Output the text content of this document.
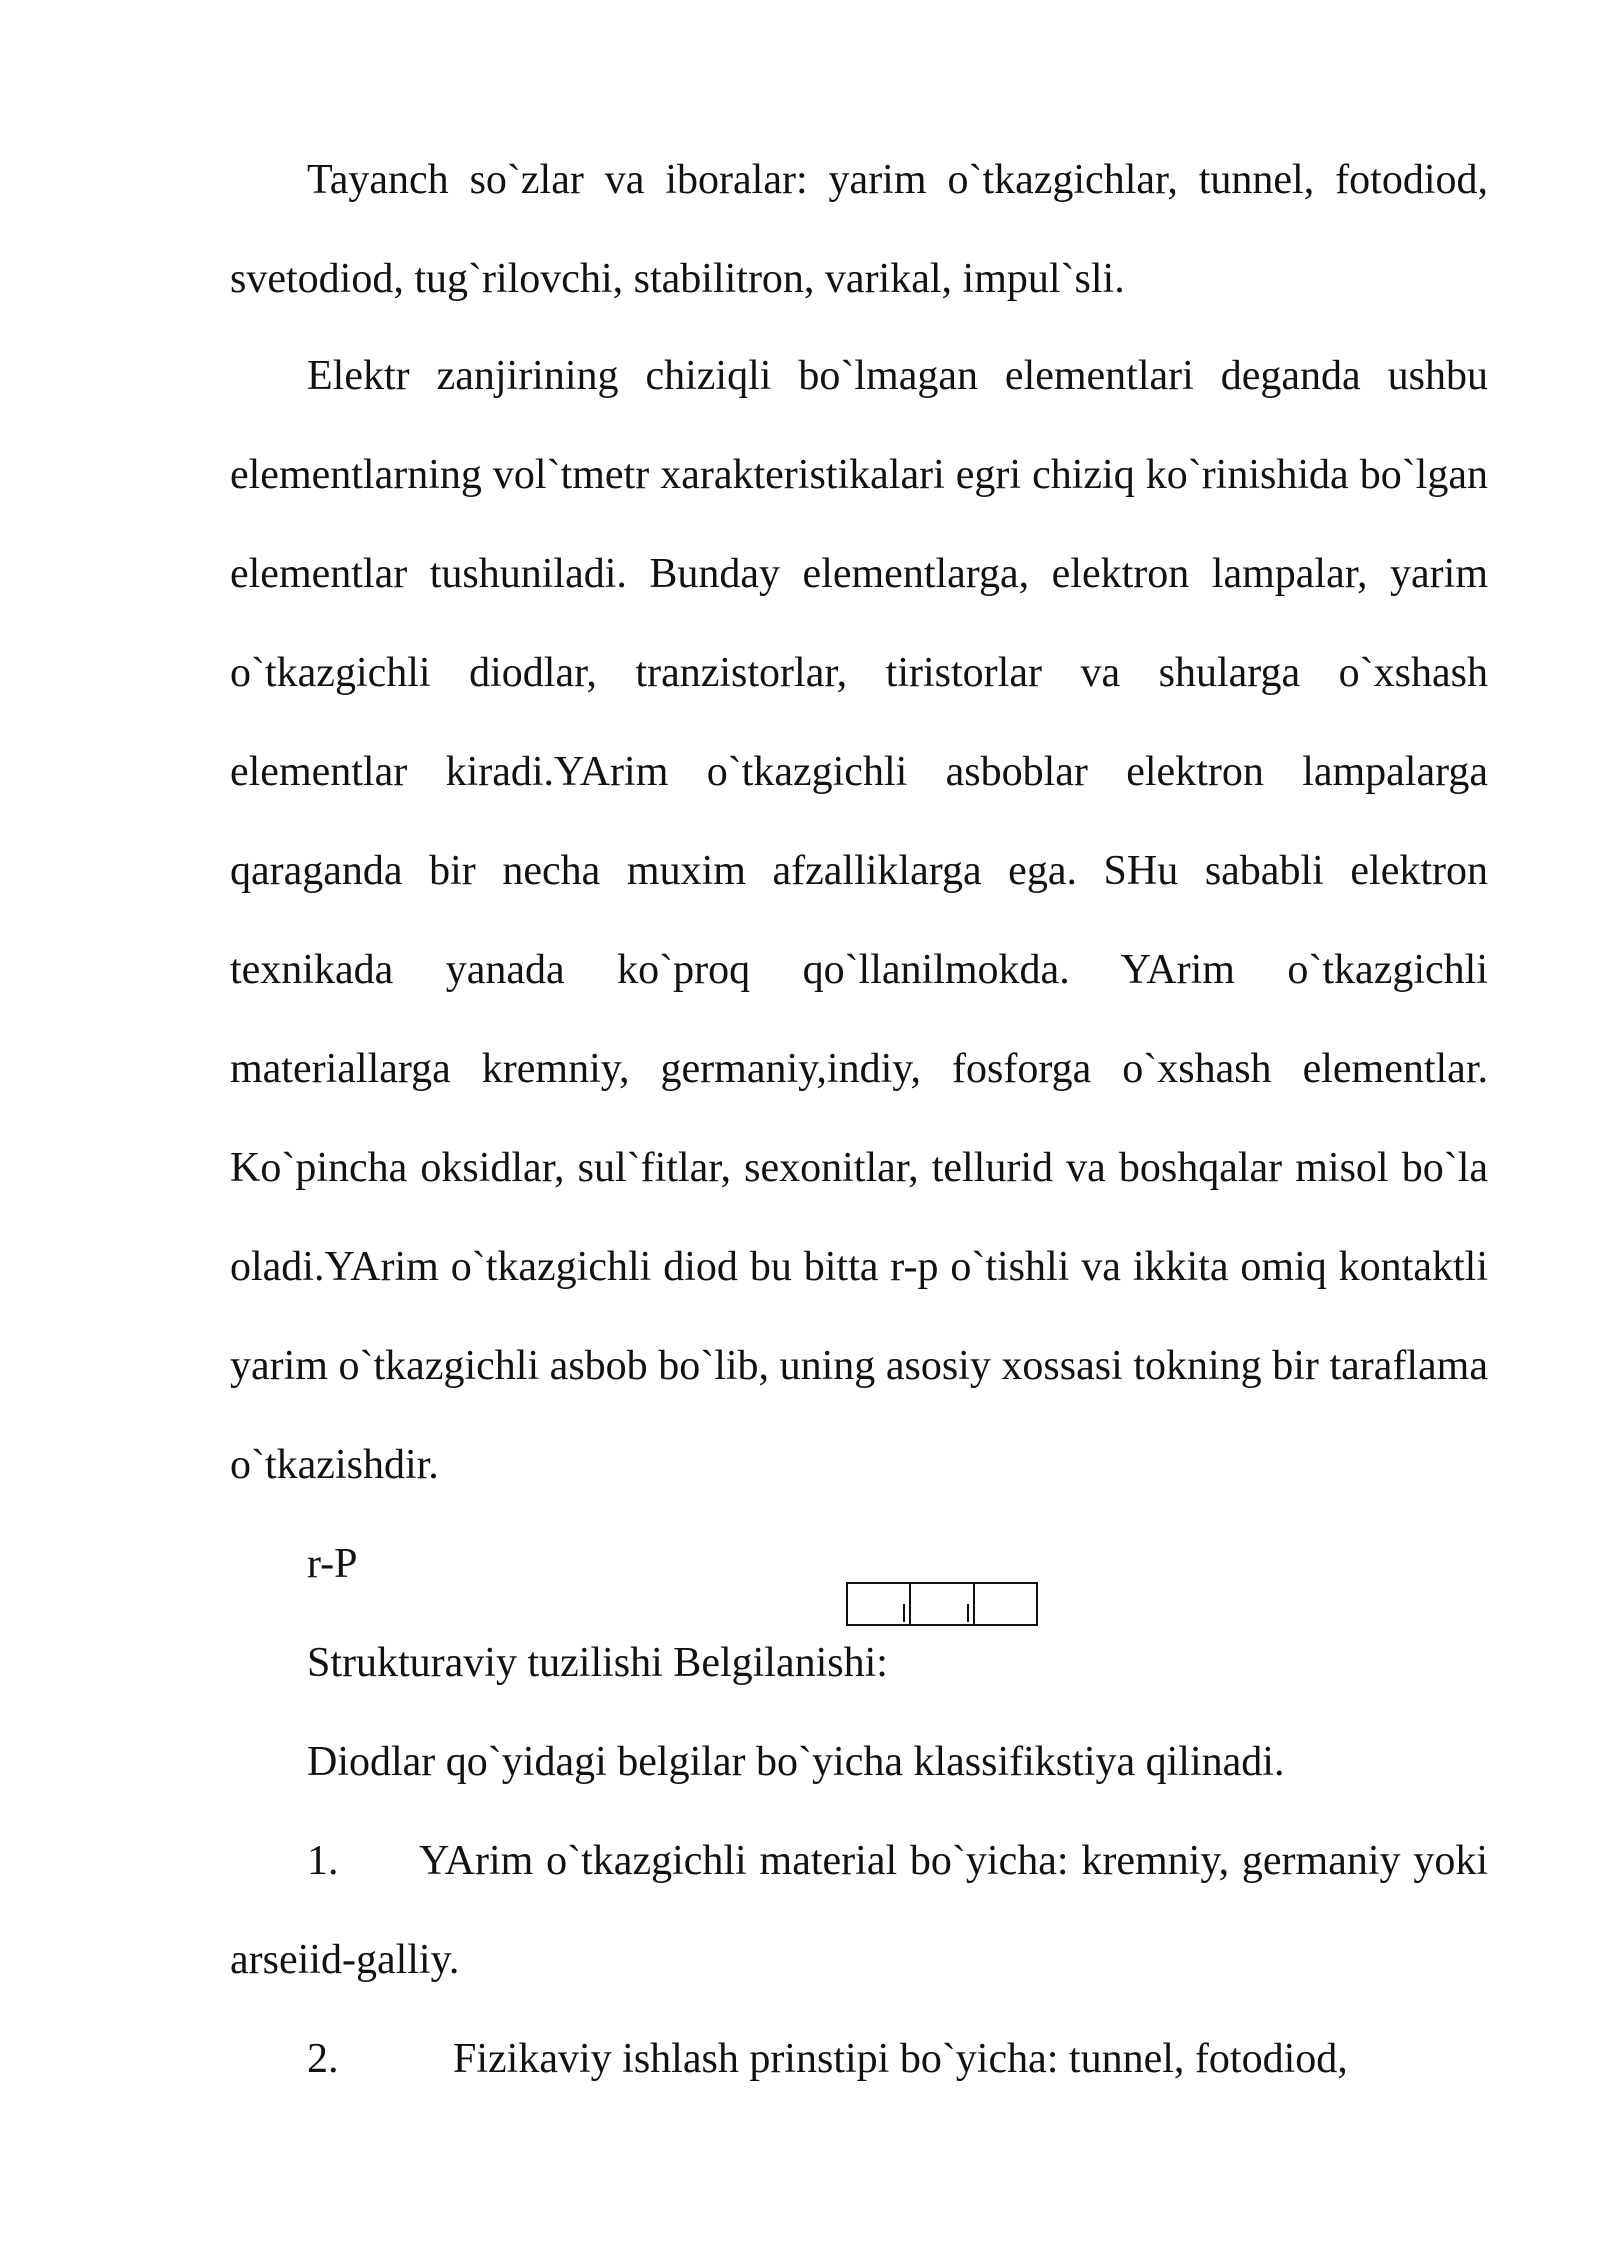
Tayanch so`zlar va iboralar: yarim o`tkazgichlar, tunnel, fotodiod, svetodiod, tug`rilovchi, stabilitron, varikal, impul`sli.

Elektr zanjirining chiziqli bo`lmagan elementlari deganda ushbu elementlarning vol`tmetr xarakteristikalari egri chiziq ko`rinishida bo`lgan elementlar tushuniladi. Bunday elementlarga, elektron lampalar, yarim o`tkazgichli diodlar, tranzistorlar, tiristorlar va shularga o`xshash elementlar kiradi.YArim o`tkazgichli asboblar elektron lampalarga qaraganda bir necha muxim afzalliklarga ega. SHu sababli elektron texnikada yanada ko`proq qo`llanilmokda. YArim o`tkazgichli materiallarga kremniy, germaniy,indiy, fosforga o`xshash elementlar. Ko`pincha oksidlar, sul`fitlar, sexonitlar, tellurid va boshqalar misol bo`la oladi.YArim o`tkazgichli diod bu bitta r-p o`tishli va ikkita omiq kontaktli yarim o`tkazgichli asbob bo`lib, uning asosiy xossasi tokning bir taraflama o`tkazishdir.

r-P

Strukturaviy tuzilishi Belgilanishi:

Diodlar qo`yidagi belgilar bo`yicha klassifikstiya qilinadi.

1. YArim o`tkazgichli material bo`yicha: kremniy, germaniy yoki arseiid-galliy.

2.	Fizikaviy ishlash prinstipi bo`yicha: tunnel, fotodiod,
